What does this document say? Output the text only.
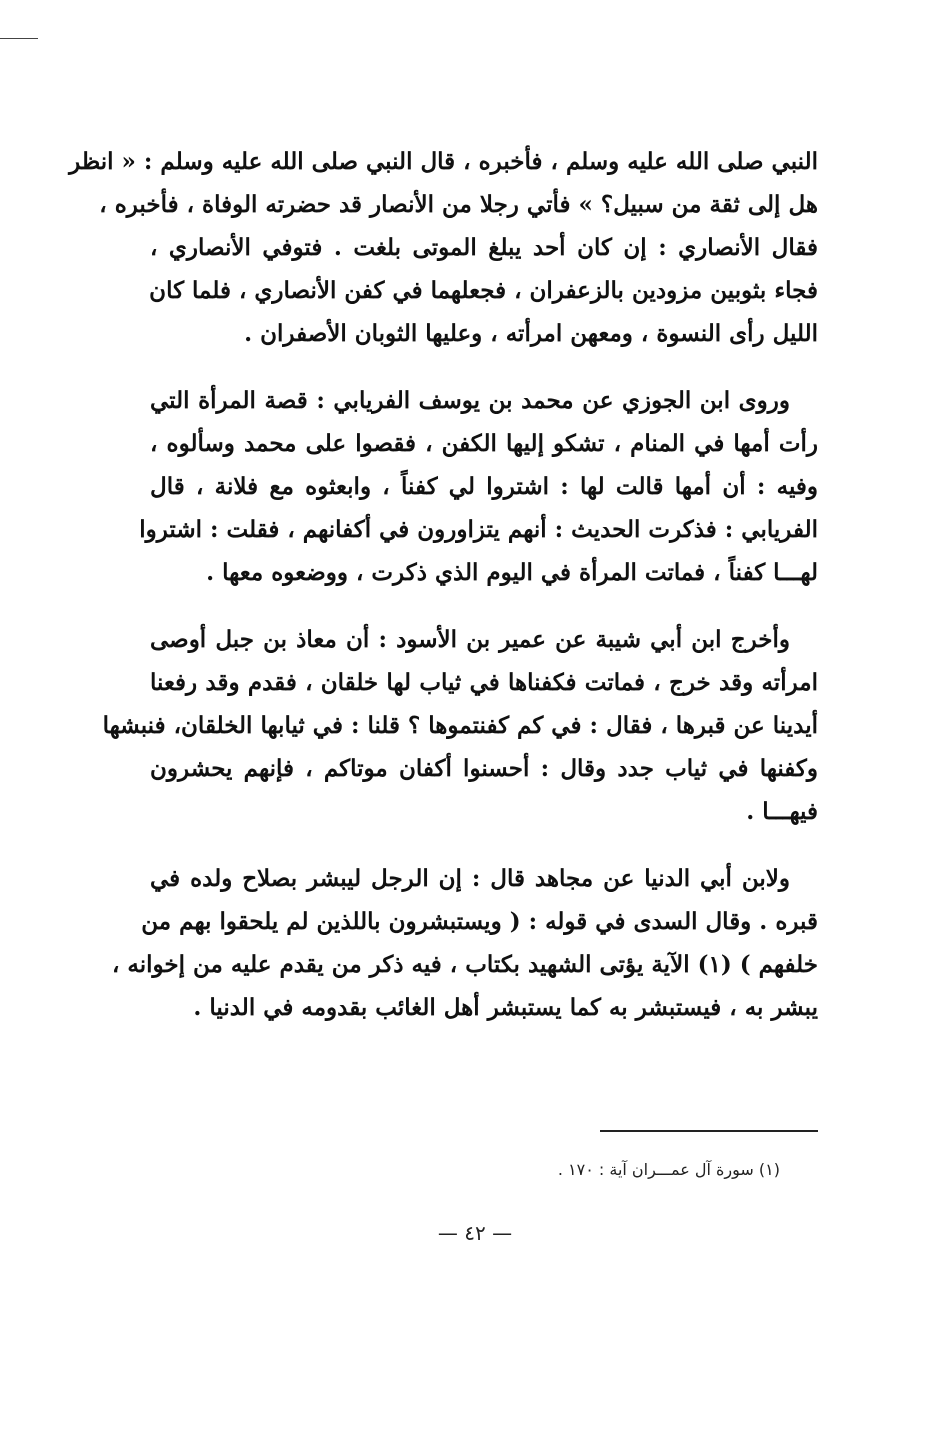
النبي صلى الله عليه وسلم ، فأخبره ، قال النبي صلى الله عليه وسلم : « انظر
هل إلى ثقة من سبيل؟ » فأتي رجلا من الأنصار قد حضرته الوفاة ، فأخبره ،
فقال الأنصاري : إن كان أحد يبلغ الموتى بلغت . فتوفي الأنصاري ،
فجاء بثوبين مزودين بالزعفران ، فجعلهما في كفن الأنصاري ، فلما كان
الليل رأى النسوة ، ومعهن امرأته ، وعليها الثوبان الأصفران .
وروى ابن الجوزي عن محمد بن يوسف الفريابي : قصة المرأة التي
رأت أمها في المنام ، تشكو إليها الكفن ، فقصوا على محمد وسألوه ،
وفيه : أن أمها قالت لها : اشتروا لي كفناً ، وابعثوه مع فلانة ، قال
الفريابي : فذكرت الحديث : أنهم يتزاورون في أكفانهم ، فقلت : اشتروا
لهـــا كفناً ، فماتت المرأة في اليوم الذي ذكرت ، ووضعوه معها .
وأخرج ابن أبي شيبة عن عمير بن الأسود : أن معاذ بن جبل أوصى
امرأته وقد خرج ، فماتت فكفناها في ثياب لها خلقان ، فقدم وقد رفعنا
أيدينا عن قبرها ، فقال : في كم كفنتموها ؟ قلنا : في ثيابها الخلقان، فنبشها
وكفنها في ثياب جدد وقال : أحسنوا أكفان موتاكم ، فإنهم يحشرون
فيهـــا .
ولابن أبي الدنيا عن مجاهد قال : إن الرجل ليبشر بصلاح ولده في
قبره . وقال السدى في قوله : ( ويستبشرون باللذين لم يلحقوا بهم من
خلفهم ) (١) الآية يؤتى الشهيد بكتاب ، فيه ذكر من يقدم عليه من إخوانه ،
يبشر به ، فيستبشر به كما يستبشر أهل الغائب بقدومه في الدنيا .
(١) سورة آل عمـــران آية : ١٧٠ .
— ٤٢ —
